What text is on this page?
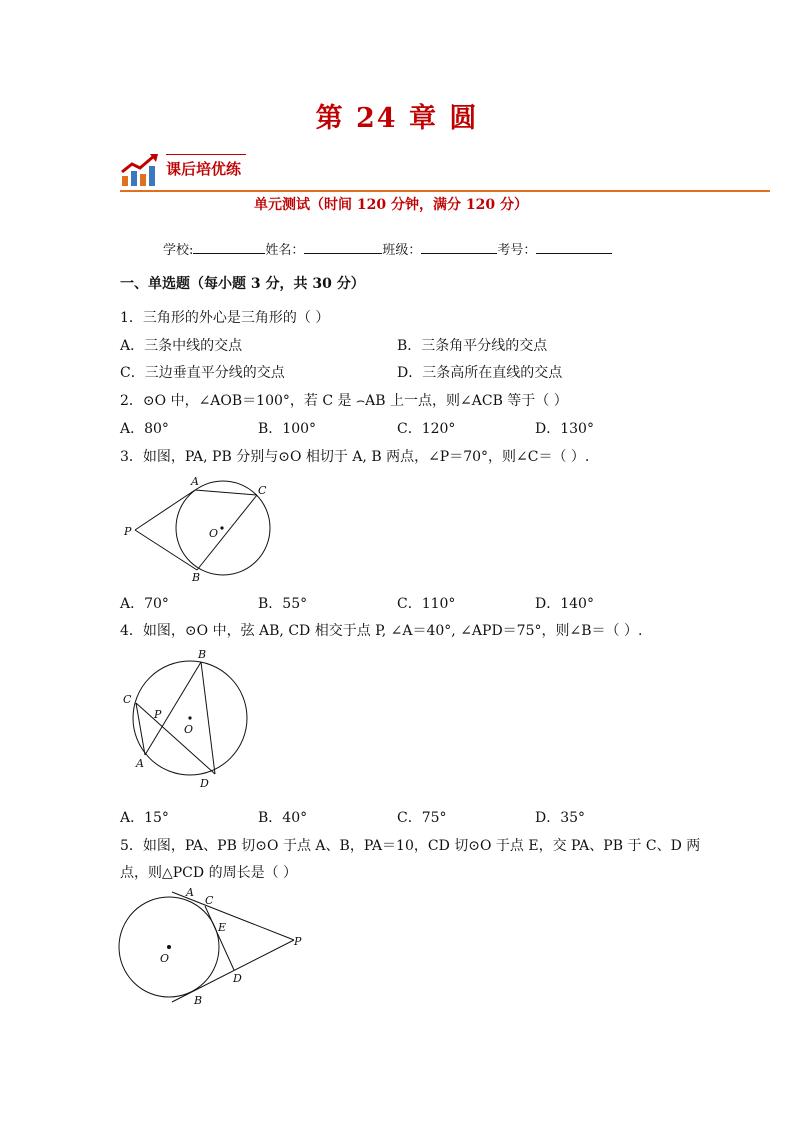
第 24 章 圆
课后培优练
单元测试（时间 120 分钟，满分 120 分）
学校:	姓名：	班级：	考号：
一、单选题（每小题 3 分，共 30 分）
1．三角形的外心是三角形的（ ）
A．三条中线的交点	B．三条角平分线的交点
C．三边垂直平分线的交点	D．三条高所在直线的交点
2．⊙O 中，∠AOB＝100°，若 C 是 ⌢AB 上一点，则∠ACB 等于（ ）
A．80°	B．100°	C．120°	D．130°
3．如图，PA, PB 分别与⊙O 相切于 A, B 两点，∠P＝70°，则∠C＝（ ）.
P
A
C
O
B
A．70°	B．55°	C．110°	D．140°
4．如图，⊙O 中，弦 AB, CD 相交于点 P, ∠A＝40°, ∠APD＝75°，则∠B＝（ ）.
B
C
P
O
A
D
A．15°	B．40°	C．75°	D．35°
5．如图，PA、PB 切⊙O 于点 A、B，PA＝10，CD 切⊙O 于点 E，交 PA、PB 于 C、D 两
点，则△PCD 的周长是（ ）
A
C
E
P
O
D
B
